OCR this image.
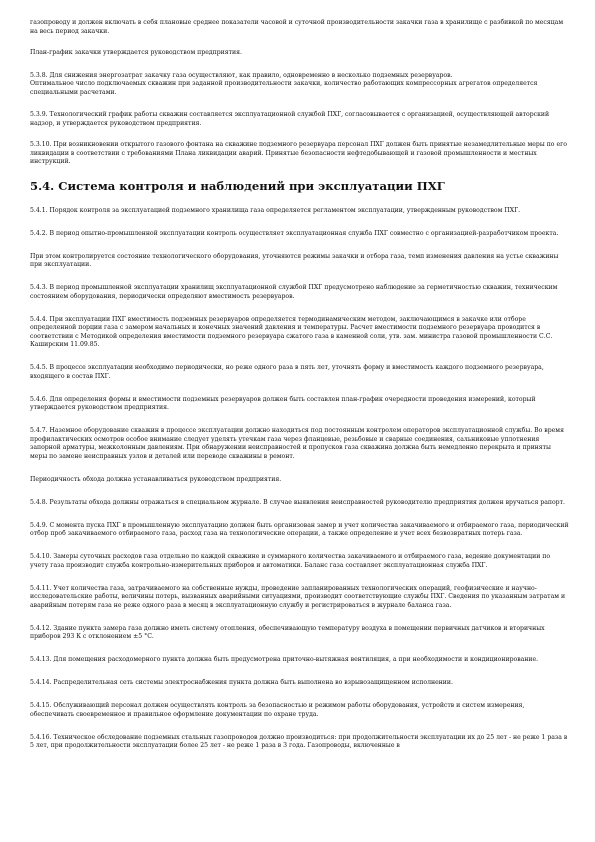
газопроводу и должен включать в себя плановые среднее показатели часовой и суточной производительности закачки газа в хранилище с разбивкой по месяцам на весь период закачки.

План-график закачки утверждается руководством предприятия.

5.3.8. Для снижения энергозатрат закачку газа осуществляют, как правило, одновременно в несколько подземных резервуаров.
Оптимальное число подключаемых скважин при заданной производительности закачки, количество работающих компрессорных агрегатов определяется специальными расчетами.

5.3.9. Технологический график работы скважин составляется эксплуатационной службой ПХГ, согласовывается с организацией, осуществляющей авторский надзор, и утверждается руководством предприятия.

5.3.10. При возникновении открытого газового фонтана на скважине подземного резервуара персонал ПХГ должен быть принятые незамедлительные меры по его ликвидации в соответствии с требованиями Плана ликвидации аварий. Принятые безопасности нефтедобывающей и газовой промышленности и местных инструкций.

5.4. Система контроля и наблюдений при эксплуатации ПХГ

5.4.1. Порядок контроля за эксплуатацией подземного хранилища газа определяется регламентом эксплуатации, утвержденным руководством ПХГ.

5.4.2. В период опытно-промышленной эксплуатации контроль осуществляет эксплуатационная служба ПХГ совместно с организацией-разработчиком проекта.

При этом контролируется состояние технологического оборудования, уточняются режимы закачки и отбора газа, темп изменения давления на устье скважины при эксплуатации.

5.4.3. В период промышленной эксплуатации хранилищ эксплуатационной службой ПХГ предусмотрено наблюдение за герметичностью скважин, техническим состоянием оборудования, периодически определяют вместимость резервуаров.

5.4.4. При эксплуатации ПХГ вместимость подземных резервуаров определяется термодинамическим методом, заключающимся в закачке или отборе определенной порции газа с замером начальных и конечных значений давления и температуры. Расчет вместимости подземного резервуара проводится в соответствии с Методикой определения вместимости подземного резервуара сжатого газа в каменной соли, утв. зам. министра газовой промышленности С.С. Каширским 11.09.85.

5.4.5. В процессе эксплуатации необходимо периодически, но реже одного раза в пять лет, уточнять форму и вместимость каждого подземного резервуара, входящего в состав ПХГ.

5.4.6. Для определения формы и вместимости подземных резервуаров должен быть составлен план-график очередности проведения измерений, который утверждается руководством предприятия.

5.4.7. Наземное оборудование скважин в процессе эксплуатации должно находиться под постоянным контролем операторов эксплуатационной службы. Во время профилактических осмотров особое внимание следует уделять утечкам газа через фланцевые, резьбовые и сварные соединения, сальниковые уплотнения запорной арматуры, межколонным давлениям. При обнаружении неисправностей и пропусков газа скважина должна быть немедленно перекрыта и приняты меры по замене неисправных узлов и деталей или переводе скважины в ремонт.

Периодичность обхода должна устанавливаться руководством предприятия.

5.4.8. Результаты обхода должны отражаться в специальном журнале. В случае выявления неисправностей руководителю предприятия должен вручаться рапорт.

5.4.9. С момента пуска ПХГ в промышленную эксплуатацию должен быть организован замер и учет количества закачиваемого и отбираемого газа, периодический отбор проб закачиваемого отбираемого газа, расход газа на технологические операции, а также определение и учет всех безвозвратных потерь газа.

5.4.10. Замеры суточных расходов газа отдельно по каждой скважине и суммарного количества закачиваемого и отбираемого газа, ведение документации по учету газа производит служба контрольно-измерительных приборов и автоматики. Баланс газа составляет эксплуатационная служба ПХГ.

5.4.11. Учет количества газа, затрачиваемого на собственные нужды, проведение запланированных технологических операций, геофизические и научно-исследовательские работы, величины потерь, вызванных аварийными ситуациями, производит соответствующие службы ПХГ. Сведения по указанным затратам и аварийным потерям газа не реже одного раза в месяц в эксплуатационную службу и регистрироваться в журнале баланса газа.

5.4.12. Здание пункта замера газа должно иметь систему отопления, обеспечивающую температуру воздуха в помещении первичных датчиков и вторичных приборов 293 К с отклонением ±5 °С.

5.4.13. Для помещения расходомерного пункта должна быть предусмотрена приточно-вытяжная вентиляция, а при необходимости и кондиционирование.

5.4.14. Распределительная сеть системы электроснабжения пункта должна быть выполнена во взрывозащищенном исполнении.

5.4.15. Обслуживающий персонал должен осуществлять контроль за безопасностью и режимом работы оборудования, устройств и систем измерения, обеспечивать своевременное и правильное оформление документации по охране труда.

5.4.16. Техническое обследование подземных стальных газопроводов должно производиться: при продолжительности эксплуатации их до 25 лет - не реже 1 раза в 5 лет, при продолжительности эксплуатации более 25 лет - не реже 1 раза в 3 года. Газопроводы, включенные в
